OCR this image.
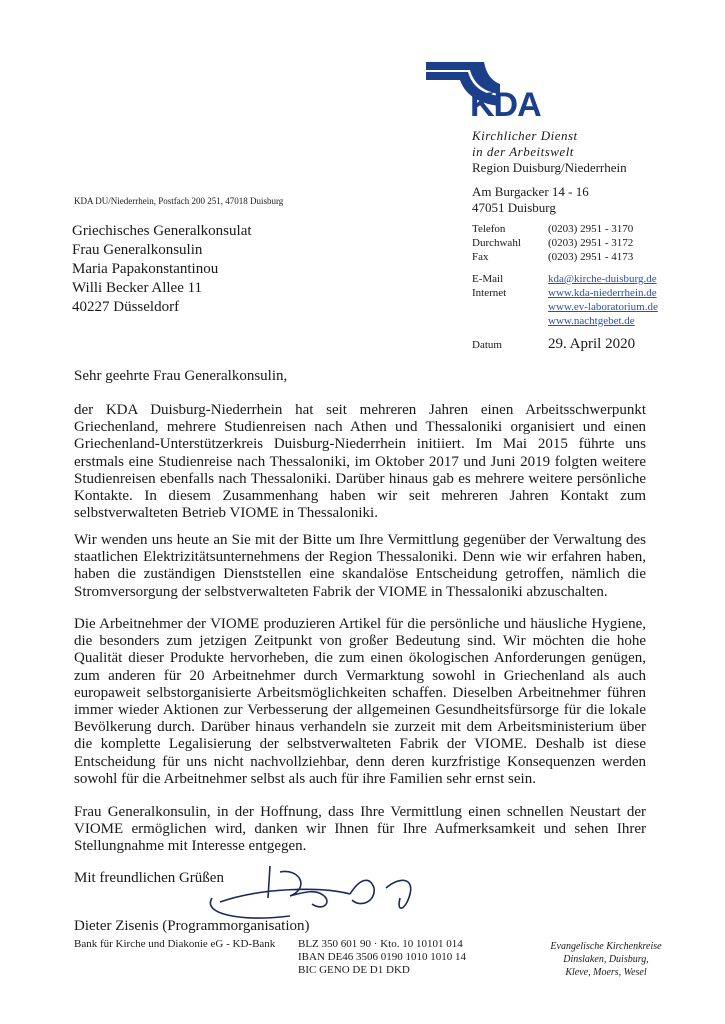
KDA
Kirchlicher Dienst
in der Arbeitswelt
Region Duisburg/Niederrhein
Am Burgacker 14 - 16
47051 Duisburg
KDA DU/Niederrhein, Postfach 200 251, 47018 Duisburg
Griechisches Generalkonsulat
Frau Generalkonsulin
Maria Papakonstantinou
Willi Becker Allee 11
40227 Düsseldorf
Telefon	(0203) 2951 - 3170
Durchwahl (0203) 2951 - 3172
Fax	(0203) 2951 - 4173
E-Mail	kda@kirche-duisburg.de
Internet	www.kda-niederrhein.de
www.ev-laboratorium.de
www.nachtgebet.de
Datum	29. April 2020
Sehr geehrte Frau Generalkonsulin,

der KDA Duisburg-Niederrhein hat seit mehreren Jahren einen Arbeitsschwerpunkt Griechenland, mehrere Studienreisen nach Athen und Thessaloniki organisiert und einen Griechenland-Unterstützerkreis Duisburg-Niederrhein initiiert. Im Mai 2015 führte uns erstmals eine Studienreise nach Thessaloniki, im Oktober 2017 und Juni 2019 folgten weitere Studienreisen ebenfalls nach Thessaloniki. Darüber hinaus gab es mehrere weitere persönliche Kontakte. In diesem Zusammenhang haben wir seit mehreren Jahren Kontakt zum selbstverwalteten Betrieb VIOME in Thessaloniki.

Wir wenden uns heute an Sie mit der Bitte um Ihre Vermittlung gegenüber der Verwaltung des staatlichen Elektrizitätsunternehmens der Region Thessaloniki. Denn wie wir erfahren haben, haben die zuständigen Dienststellen eine skandalöse Entscheidung getroffen, nämlich die Stromversorgung der selbstverwalteten Fabrik der VIOME in Thessaloniki abzuschalten.

Die Arbeitnehmer der VIOME produzieren Artikel für die persönliche und häusliche Hygiene, die besonders zum jetzigen Zeitpunkt von großer Bedeutung sind. Wir möchten die hohe Qualität dieser Produkte hervorheben, die zum einen ökologischen Anforderungen genügen, zum anderen für 20 Arbeitnehmer durch Vermarktung sowohl in Griechenland als auch europaweit selbstorganisierte Arbeitsmöglichkeiten schaffen. Dieselben Arbeitnehmer führen immer wieder Aktionen zur Verbesserung der allgemeinen Gesundheitsfürsorge für die lokale Bevölkerung durch. Darüber hinaus verhandeln sie zurzeit mit dem Arbeitsministerium über die komplette Legalisierung der selbstverwalteten Fabrik der VIOME. Deshalb ist diese Entscheidung für uns nicht nachvollziehbar, denn deren kurzfristige Konsequenzen werden sowohl für die Arbeitnehmer selbst als auch für ihre Familien sehr ernst sein.

Frau Generalkonsulin, in der Hoffnung, dass Ihre Vermittlung einen schnellen Neustart der VIOME ermöglichen wird, danken wir Ihnen für Ihre Aufmerksamkeit und sehen Ihrer Stellungnahme mit Interesse entgegen.

Mit freundlichen Grüßen
Dieter Zisenis (Programmorganisation)
Bank für Kirche und Diakonie eG - KD-Bank BLZ 350 601 90 · Kto. 10 10101 014
IBAN DE46 3506 0190 1010 1010 14
BIC GENO DE D1 DKD
Evangelische Kirchenkreise
Dinslaken, Duisburg,
Kleve, Moers, Wesel
